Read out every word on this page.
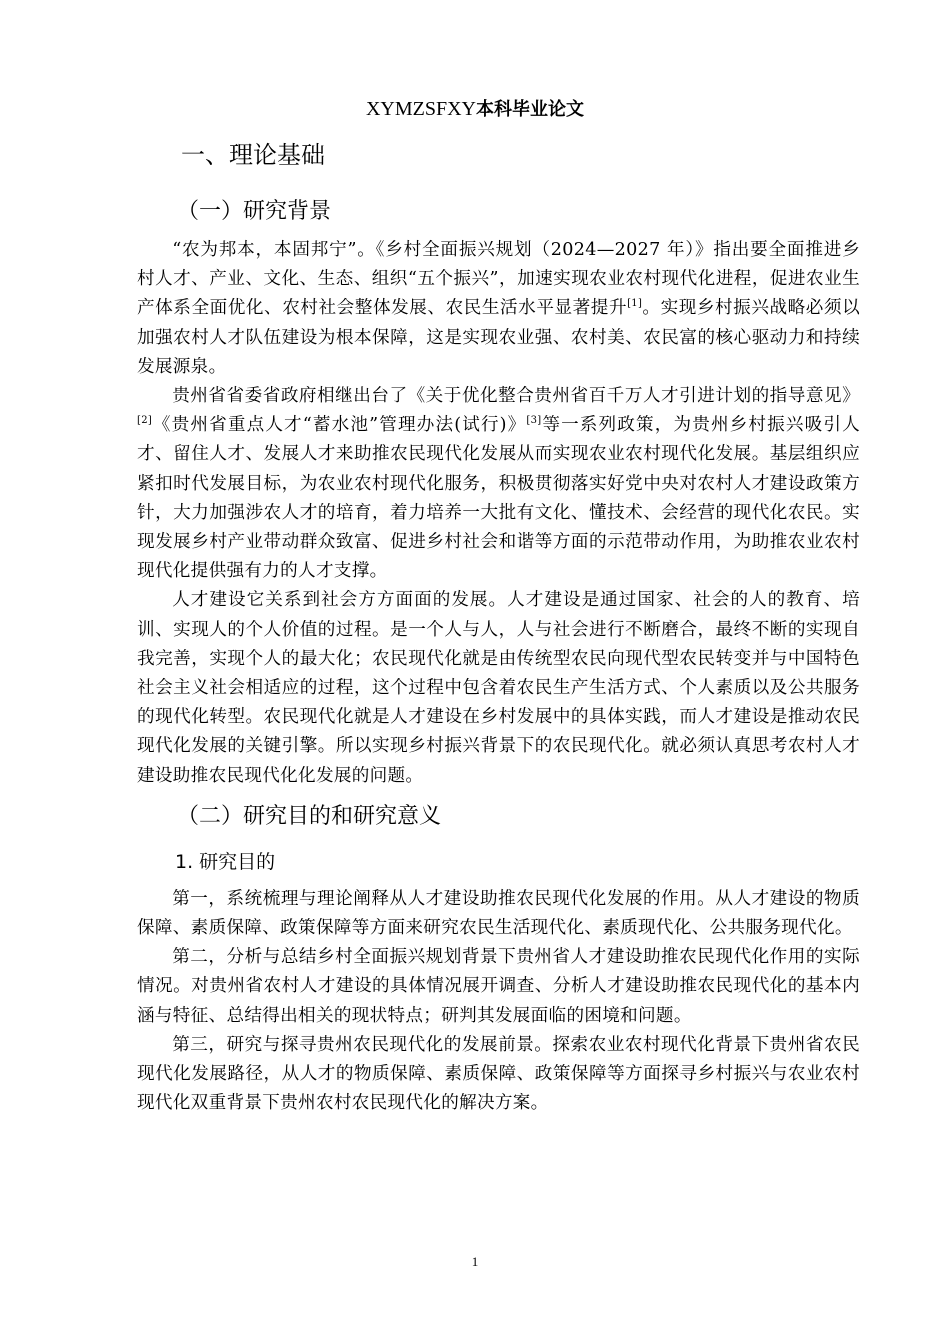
XYMZSFXY本科毕业论文
一、理论基础
（一）研究背景

“农为邦本，本固邦宁”。《乡村全面振兴规划（2024—2027 年）》指出要全面推进乡村人才、产业、文化、生态、组织“五个振兴”，加速实现农业农村现代化进程，促进农业生产体系全面优化、农村社会整体发展、农民生活水平显著提升[1]。实现乡村振兴战略必须以加强农村人才队伍建设为根本保障，这是实现农业强、农村美、农民富的核心驱动力和持续发展源泉。

贵州省省委省政府相继出台了《关于优化整合贵州省百千万人才引进计划的指导意见》[2]《贵州省重点人才“蓄水池”管理办法(试行)》[3]等一系列政策，为贵州乡村振兴吸引人才、留住人才、发展人才来助推农民现代化发展从而实现农业农村现代化发展。基层组织应紧扣时代发展目标，为农业农村现代化服务，积极贯彻落实好党中央对农村人才建设政策方针，大力加强涉农人才的培育，着力培养一大批有文化、懂技术、会经营的现代化农民。实现发展乡村产业带动群众致富、促进乡村社会和谐等方面的示范带动作用，为助推农业农村现代化提供强有力的人才支撑。

人才建设它关系到社会方方面面的发展。人才建设是通过国家、社会的人的教育、培训、实现人的个人价值的过程。是一个人与人，人与社会进行不断磨合，最终不断的实现自我完善，实现个人的最大化；农民现代化就是由传统型农民向现代型农民转变并与中国特色社会主义社会相适应的过程，这个过程中包含着农民生产生活方式、个人素质以及公共服务的现代化转型。农民现代化就是人才建设在乡村发展中的具体实践，而人才建设是推动农民现代化发展的关键引擎。所以实现乡村振兴背景下的农民现代化。就必须认真思考农村人才建设助推农民现代化化发展的问题。

（二）研究目的和研究意义
1. 研究目的

第一，系统梳理与理论阐释从人才建设助推农民现代化发展的作用。从人才建设的物质保障、素质保障、政策保障等方面来研究农民生活现代化、素质现代化、公共服务现代化。

第二，分析与总结乡村全面振兴规划背景下贵州省人才建设助推农民现代化作用的实际情况。对贵州省农村人才建设的具体情况展开调查、分析人才建设助推农民现代化的基本内涵与特征、总结得出相关的现状特点；研判其发展面临的困境和问题。

第三，研究与探寻贵州农民现代化的发展前景。探索农业农村现代化背景下贵州省农民现代化发展路径，从人才的物质保障、素质保障、政策保障等方面探寻乡村振兴与农业农村现代化双重背景下贵州农村农民现代化的解决方案。

1
